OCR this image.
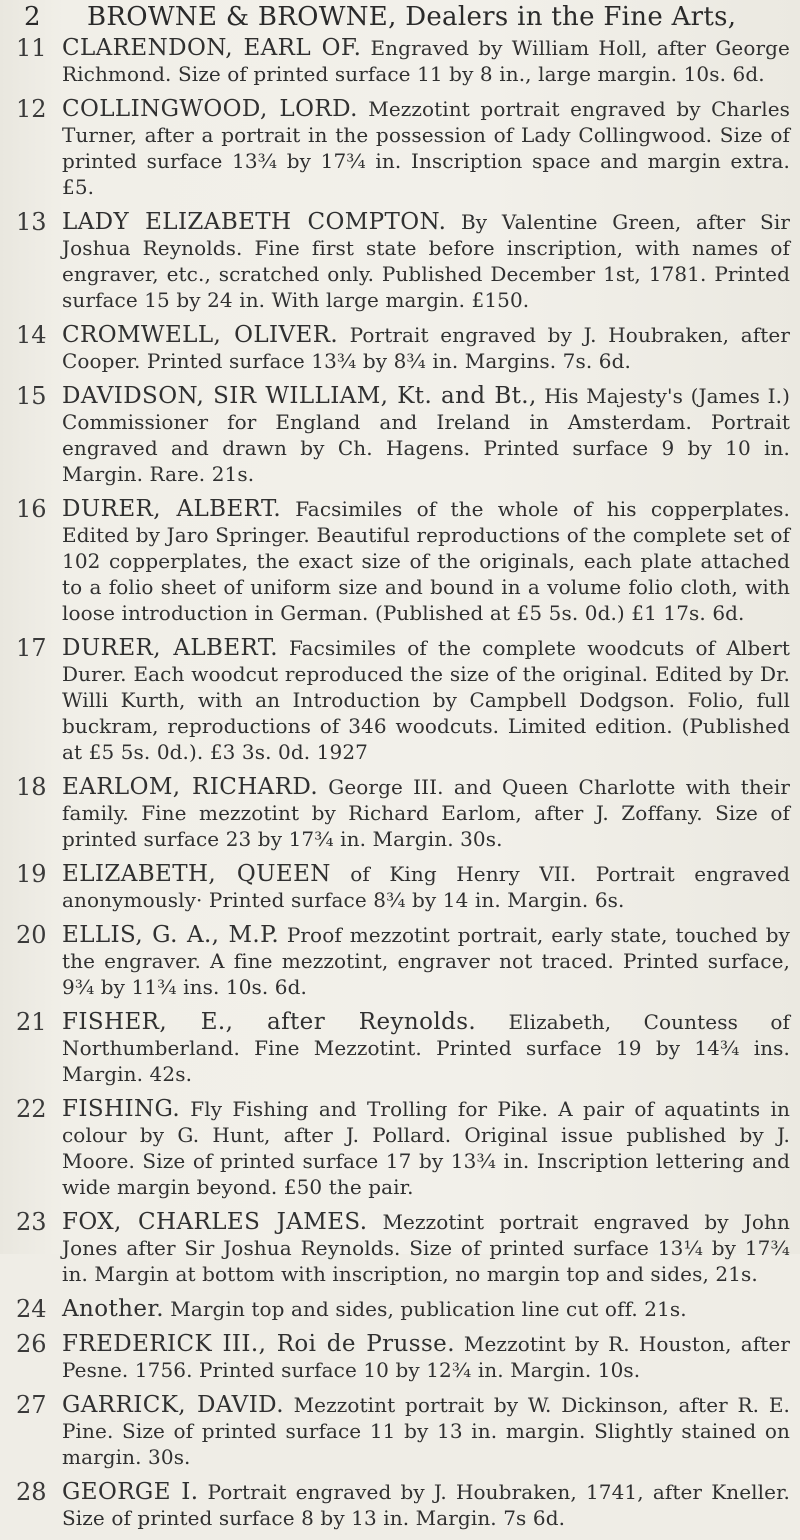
2 BROWNE & BROWNE, Dealers in the Fine Arts,
11 CLARENDON, EARL OF. Engraved by William Holl, after George Richmond. Size of printed surface 11 by 8 in., large margin. 10s. 6d.
12 COLLINGWOOD, LORD. Mezzotint portrait engraved by Charles Turner, after a portrait in the possession of Lady Collingwood. Size of printed surface 13¾ by 17¾ in. Inscription space and margin extra. £5.
13 LADY ELIZABETH COMPTON. By Valentine Green, after Sir Joshua Reynolds. Fine first state before inscription, with names of engraver, etc., scratched only. Published December 1st, 1781. Printed surface 15 by 24 in. With large margin. £150.
14 CROMWELL, OLIVER. Portrait engraved by J. Houbraken, after Cooper. Printed surface 13¾ by 8¾ in. Margins. 7s. 6d.
15 DAVIDSON, SIR WILLIAM, Kt. and Bt., His Majesty's (James I.) Commissioner for England and Ireland in Amsterdam. Portrait engraved and drawn by Ch. Hagens. Printed surface 9 by 10 in. Margin. Rare. 21s.
16 DURER, ALBERT. Facsimiles of the whole of his copperplates. Edited by Jaro Springer. Beautiful reproductions of the complete set of 102 copperplates, the exact size of the originals, each plate attached to a folio sheet of uniform size and bound in a volume folio cloth, with loose introduction in German. (Published at £5 5s. 0d.) £1 17s. 6d.
17 DURER, ALBERT. Facsimiles of the complete woodcuts of Albert Durer. Each woodcut reproduced the size of the original. Edited by Dr. Willi Kurth, with an Introduction by Campbell Dodgson. Folio, full buckram, reproductions of 346 woodcuts. Limited edition. (Published at £5 5s. 0d.). £3 3s. 0d. 1927
18 EARLOM, RICHARD. George III. and Queen Charlotte with their family. Fine mezzotint by Richard Earlom, after J. Zoffany. Size of printed surface 23 by 17¾ in. Margin. 30s.
19 ELIZABETH, QUEEN of King Henry VII. Portrait engraved anonymously· Printed surface 8¾ by 14 in. Margin. 6s.
20 ELLIS, G. A., M.P. Proof mezzotint portrait, early state, touched by the engraver. A fine mezzotint, engraver not traced. Printed surface, 9¾ by 11¾ ins. 10s. 6d.
21 FISHER, E., after Reynolds. Elizabeth, Countess of Northumberland. Fine Mezzotint. Printed surface 19 by 14¾ ins. Margin. 42s.
22 FISHING. Fly Fishing and Trolling for Pike. A pair of aquatints in colour by G. Hunt, after J. Pollard. Original issue published by J. Moore. Size of printed surface 17 by 13¾ in. Inscription lettering and wide margin beyond. £50 the pair.
23 FOX, CHARLES JAMES. Mezzotint portrait engraved by John Jones after Sir Joshua Reynolds. Size of printed surface 13¼ by 17¾ in. Margin at bottom with inscription, no margin top and sides, 21s.
24 Another. Margin top and sides, publication line cut off. 21s.
26 FREDERICK III., Roi de Prusse. Mezzotint by R. Houston, after Pesne. 1756. Printed surface 10 by 12¾ in. Margin. 10s.
27 GARRICK, DAVID. Mezzotint portrait by W. Dickinson, after R. E. Pine. Size of printed surface 11 by 13 in. margin. Slightly stained on margin. 30s.
28 GEORGE I. Portrait engraved by J. Houbraken, 1741, after Kneller. Size of printed surface 8 by 13 in. Margin. 7s 6d.
